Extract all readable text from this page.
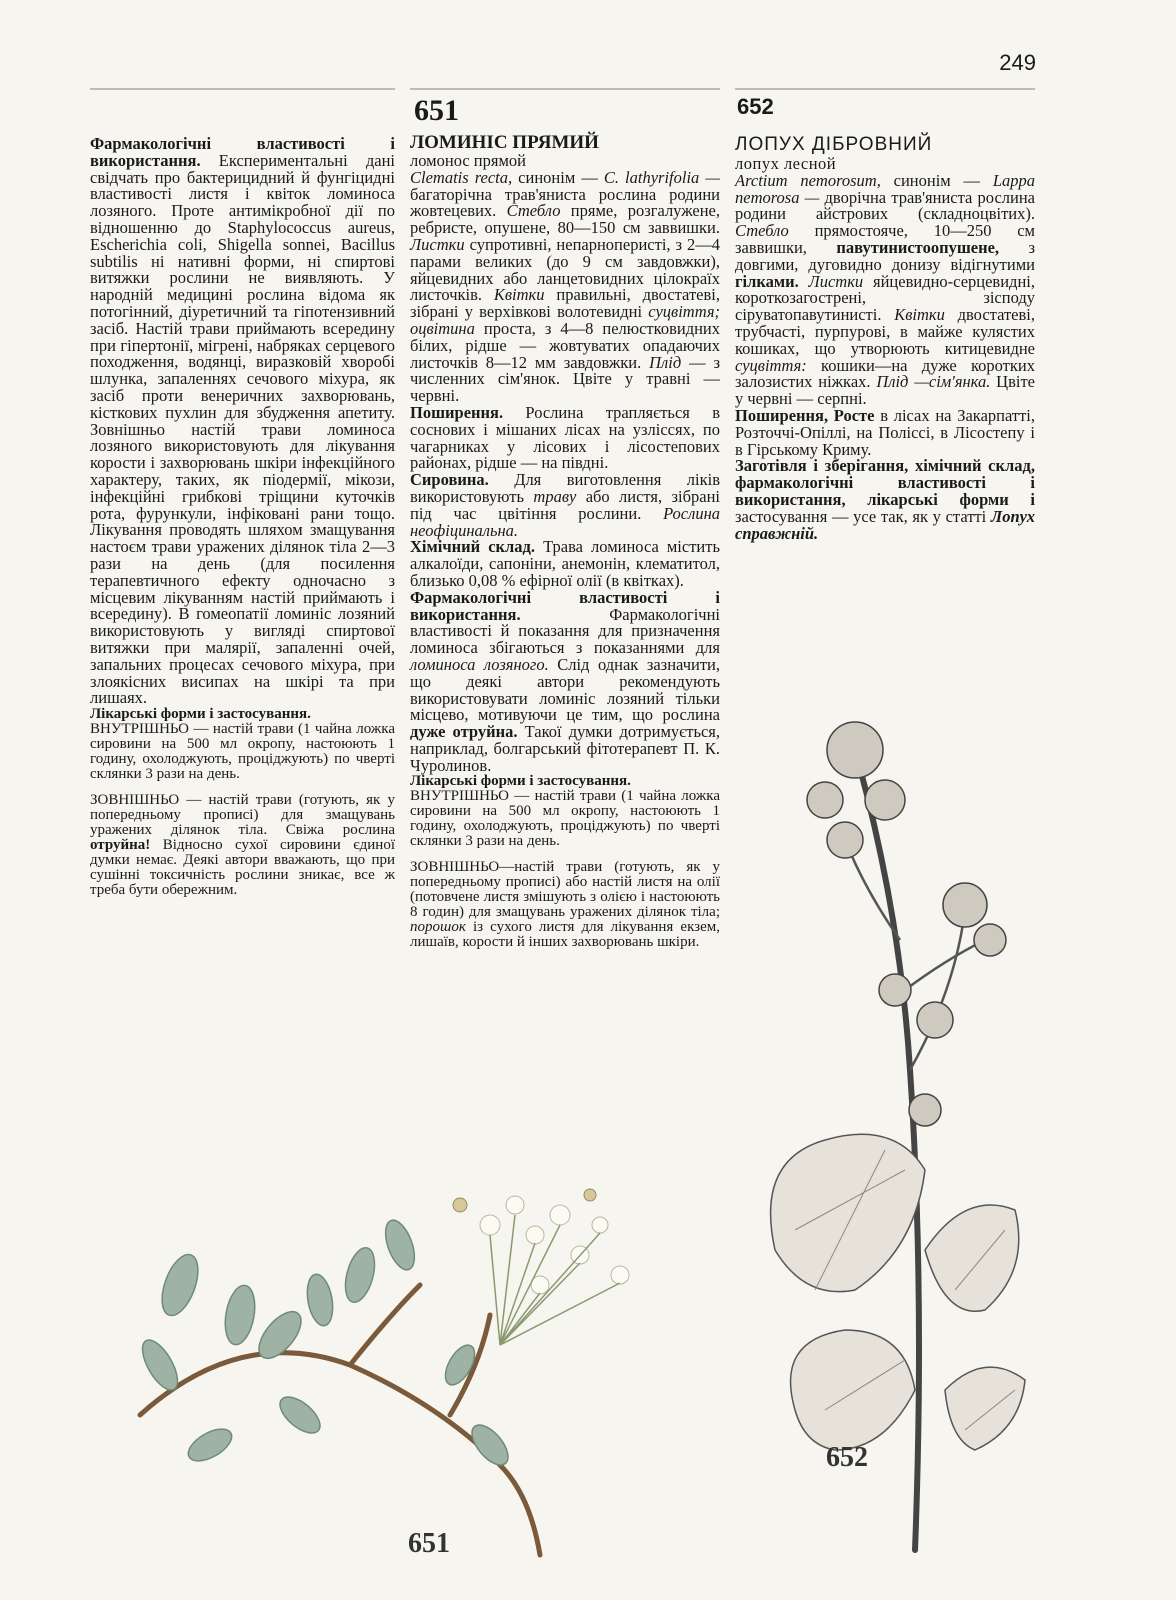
249
651	652

Фармакологічні властивості і використання. Експериментальні дані свідчать про бактерицидний й фунгіцидні властивості листя і квіток ломиноса лозяного. Проте антимікробної дії по відношенню до Staphylococcus aureus, Escherichia coli, Shigella sonnei, Bacillus subtilis ні нативні форми, ні спиртові витяжки рослини не виявляють. У народній медицині рослина відома як потогінний, діуретичний та гіпотензивний засіб. Настій трави приймають всередину при гіпертонії, мігрені, набряках серцевого походження, водянці, виразковій хворобі шлунка, запаленнях сечового міхура, як засіб проти венеричних захворювань, кісткових пухлин для збудження апетиту. Зовнішньо настій трави ломиноса лозяного використовують для лікування корости і захворювань шкіри інфекційного характеру, таких, як піодермії, мікози, інфекційні грибкові тріщини куточків рота, фурункули, інфіковані рани тощо. Лікування проводять шляхом змащування настоєм трави уражених ділянок тіла 2—3 рази на день (для посилення терапевтичного ефекту одночасно з місцевим лікуванням настій приймають і всередину). В гомеопатії ломиніс лозяний використовують у вигляді спиртової витяжки при малярії, запаленні очей, запальних процесах сечового міхура, при злоякісних висипах на шкірі та при лишаях.

Лікарські форми і застосування.
ВНУТРІШНЬО — настій трави (1 чайна ложка сировини на 500 мл окропу, настоюють 1 годину, охолоджують, проціджують) по чверті склянки 3 рази на день.

ЗОВНІШНЬО — настій трави (готують, як у попередньому прописі) для змащувань уражених ділянок тіла. Свіжа рослина отруйна! Відносно сухої сировини єдиної думки немає. Деякі автори вважають, що при сушінні токсичність рослини зникає, все ж треба бути обережним.

ЛОМИНІС ПРЯМИЙ

ломонос прямой

Clematis recta, синонім — C. lathyrifolia — багаторічна трав'яниста рослина родини жовтецевих. Стебло пряме, розгалужене, ребристе, опушене, 80—150 см заввишки. Листки супротивні, непарноперисті, з 2—4 парами великих (до 9 см завдовжки), яйцевидних або ланцетовидних цілокраїх листочків. Квітки правильні, двостатеві, зібрані у верхівкові волотевидні суцвіття; оцвітина проста, з 4—8 пелюстковидних білих, рідше — жовтуватих опадаючих листочків 8—12 мм завдовжки. Плід — з численних сім'янок. Цвіте у травні — червні.

Поширення. Рослина трапляється в соснових і мішаних лісах на узліссях, по чагарниках у лісових і лісостепових районах, рідше — на півдні.

Сировина. Для виготовлення ліків використовують траву або листя, зібрані під час цвітіння рослини. Рослина неофіцинальна.

Хімічний склад. Трава ломиноса містить алкалоїди, сапоніни, анемонін, клематитол, близько 0,08 % ефірної олії (в квітках).

Фармакологічні властивості і використання. Фармакологічні властивості й показання для призначення ломиноса збігаються з показаннями для ломиноса лозяного. Слід однак зазначити, що деякі автори рекомендують використовувати ломиніс лозяний тільки місцево, мотивуючи це тим, що рослина дуже отруйна. Такої думки дотримується, наприклад, болгарський фітотерапевт П. К. Чуролинов.

Лікарські форми і застосування.
ВНУТРІШНЬО — настій трави (1 чайна ложка сировини на 500 мл окропу, настоюють 1 годину, охолоджують, проціджують) по чверті склянки 3 рази на день.

ЗОВНІШНЬО—настій трави (готують, як у попередньому прописі) або настій листя на олії (потовчене листя змішують з олією і настоюють 8 годин) для змащувань уражених ділянок тіла; порошок із сухого листя для лікування екзем, лишаїв, корости й інших захворювань шкіри.

ЛОПУХ ДІБРОВНИЙ

лопух лесной

Arctium nemorosum, синонім — Lappa nemorosa — дворічна трав'яниста рослина родини айстрових (складноцвітих). Стебло прямостояче, 10—250 см заввишки, павутинистоопушене, з довгими, дуговидно донизу відігнутими гілками. Листки яйцевидно-серцевидні, короткозагострені, зісподу сіруватопавутинисті. Квітки двостатеві, трубчасті, пурпурові, в майже кулястих кошиках, що утворюють китицевидне суцвіття: кошики—на дуже коротких залозистих ніжках. Плід —сім'янка. Цвіте у червні — серпні.

Поширення, Росте в лісах на Закарпатті, Розточчі-Опіллі, на Поліссі, в Лісостепу і в Гірському Криму.

Заготівля і зберігання, хімічний склад, фармакологічні властивості і використання, лікарські форми і застосування — усе так, як у статті Лопух справжній.

651
652
